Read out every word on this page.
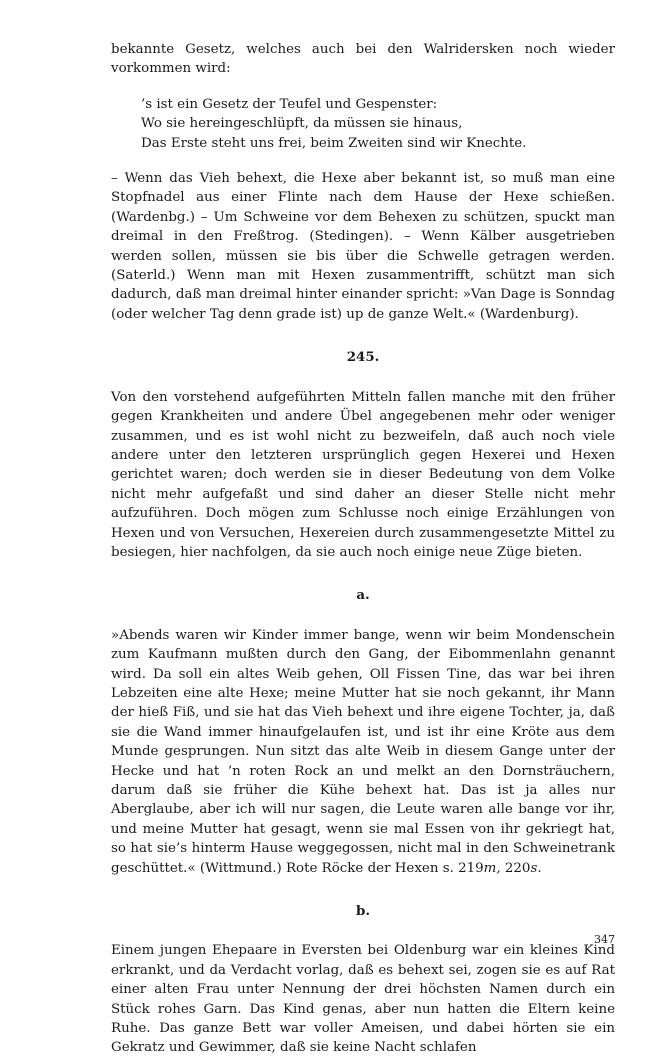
bekannte Gesetz, welches auch bei den Walridersken noch wieder vorkommen wird:

’s ist ein Gesetz der Teufel und Gespenster:
Wo sie hereingeschlüpft, da müssen sie hinaus,
Das Erste steht uns frei, beim Zweiten sind wir Knechte.

– Wenn das Vieh behext, die Hexe aber bekannt ist, so muß man eine Stopfnadel aus einer Flinte nach dem Hause der Hexe schießen. (Wardenbg.) – Um Schweine vor dem Behexen zu schützen, spuckt man dreimal in den Freßtrog. (Stedingen). – Wenn Kälber ausgetrieben werden sollen, müssen sie bis über die Schwelle getragen werden. (Saterld.) Wenn man mit Hexen zusammentrifft, schützt man sich dadurch, daß man dreimal hinter einander spricht: »Van Dage is Sonndag (oder welcher Tag denn grade ist) up de ganze Welt.« (Wardenburg).

245.

Von den vorstehend aufgeführten Mitteln fallen manche mit den früher gegen Krankheiten und andere Übel angegebenen mehr oder weniger zusammen, und es ist wohl nicht zu bezweifeln, daß auch noch viele andere unter den letzteren ursprünglich gegen Hexerei und Hexen gerichtet waren; doch werden sie in dieser Bedeutung von dem Volke nicht mehr aufgefaßt und sind daher an dieser Stelle nicht mehr aufzuführen. Doch mögen zum Schlusse noch einige Erzählungen von Hexen und von Versuchen, Hexereien durch zusammengesetzte Mittel zu besiegen, hier nachfolgen, da sie auch noch einige neue Züge bieten.

a.

»Abends waren wir Kinder immer bange, wenn wir beim Mondenschein zum Kaufmann mußten durch den Gang, der Eibommenlahn genannt wird. Da soll ein altes Weib gehen, Oll Fissen Tine, das war bei ihren Lebzeiten eine alte Hexe; meine Mutter hat sie noch gekannt, ihr Mann der hieß Fiß, und sie hat das Vieh behext und ihre eigene Tochter, ja, daß sie die Wand immer hinaufgelaufen ist, und ist ihr eine Kröte aus dem Munde gesprungen. Nun sitzt das alte Weib in diesem Gange unter der Hecke und hat ’n roten Rock an und melkt an den Dornsträuchern, darum daß sie früher die Kühe behext hat. Das ist ja alles nur Aberglaube, aber ich will nur sagen, die Leute waren alle bange vor ihr, und meine Mutter hat gesagt, wenn sie mal Essen von ihr gekriegt hat, so hat sie’s hinterm Hause weggegossen, nicht mal in den Schweinetrank geschüttet.« (Wittmund.) Rote Röcke der Hexen s. 219m, 220s.

b.

Einem jungen Ehepaare in Eversten bei Oldenburg war ein kleines Kind erkrankt, und da Verdacht vorlag, daß es behext sei, zogen sie es auf Rat einer alten Frau unter Nennung der drei höchsten Namen durch ein Stück rohes Garn. Das Kind genas, aber nun hatten die Eltern keine Ruhe. Das ganze Bett war voller Ameisen, und dabei hörten sie ein Gekratz und Gewimmer, daß sie keine Nacht schlafen

347
